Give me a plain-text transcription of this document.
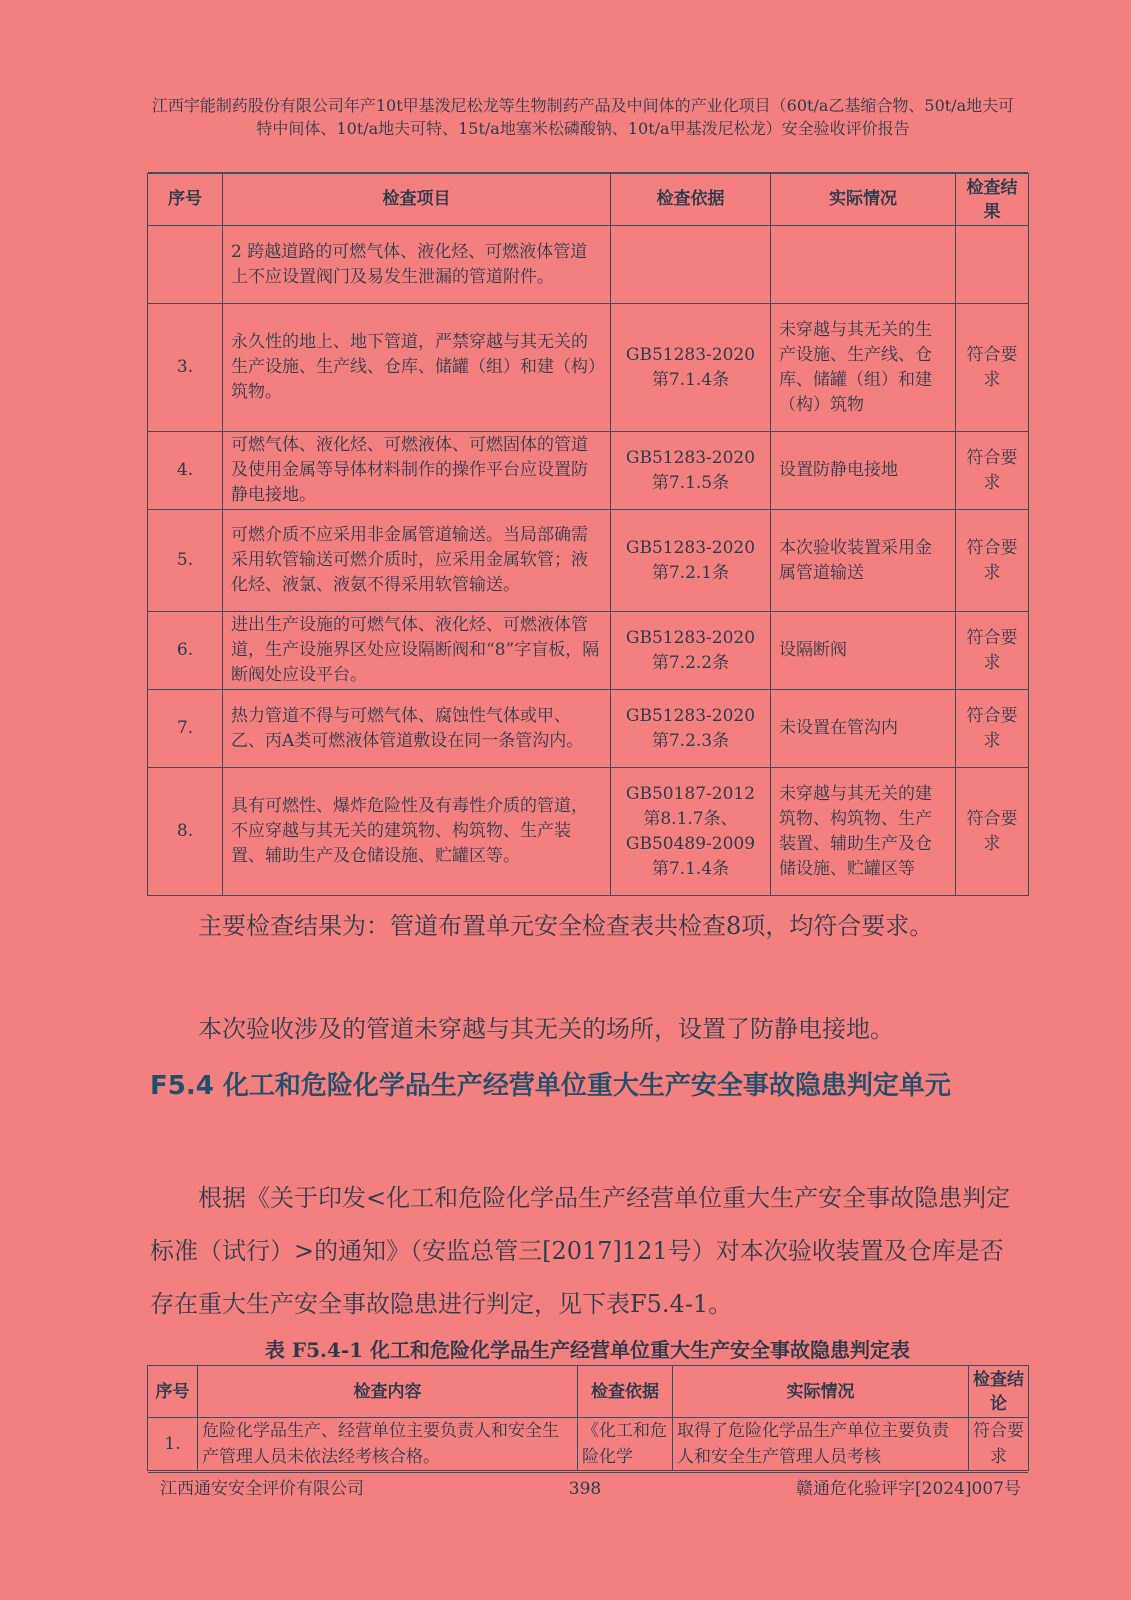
江西宇能制药股份有限公司年产10t甲基泼尼松龙等生物制药产品及中间体的产业化项目（60t/a乙基缩合物、50t/a地夫可特中间体、10t/a地夫可特、15t/a地塞米松磷酸钠、10t/a甲基泼尼松龙）安全验收评价报告
序号	检查项目	检查依据	实际情况	检查结果
	2 跨越道路的可燃气体、液化烃、可燃液体管道上不应设置阀门及易发生泄漏的管道附件。			
3.	永久性的地上、地下管道，严禁穿越与其无关的生产设施、生产线、仓库、储罐（组）和建（构）筑物。	GB51283-2020 第7.1.4条	未穿越与其无关的生产设施、生产线、仓库、储罐（组）和建（构）筑物	符合要求
4.	可燃气体、液化烃、可燃液体、可燃固体的管道及使用金属等导体材料制作的操作平台应设置防静电接地。	GB51283-2020 第7.1.5条	设置防静电接地	符合要求
5.	可燃介质不应采用非金属管道输送。当局部确需采用软管输送可燃介质时，应采用金属软管；液化烃、液氯、液氨不得采用软管输送。	GB51283-2020 第7.2.1条	本次验收装置采用金属管道输送	符合要求
6.	进出生产设施的可燃气体、液化烃、可燃液体管道，生产设施界区处应设隔断阀和“8”字盲板，隔断阀处应设平台。	GB51283-2020 第7.2.2条	设隔断阀	符合要求
7.	热力管道不得与可燃气体、腐蚀性气体或甲、乙、丙A类可燃液体管道敷设在同一条管沟内。	GB51283-2020 第7.2.3条	未设置在管沟内	符合要求
8.	具有可燃性、爆炸危险性及有毒性介质的管道，不应穿越与其无关的建筑物、构筑物、生产装置、辅助生产及仓储设施、贮罐区等。	GB50187-2012 第8.1.7条、GB50489-2009 第7.1.4条	未穿越与其无关的建筑物、构筑物、生产装置、辅助生产及仓储设施、贮罐区等	符合要求
主要检查结果为：管道布置单元安全检查表共检查8项，均符合要求。
本次验收涉及的管道未穿越与其无关的场所，设置了防静电接地。
F5.4 化工和危险化学品生产经营单位重大生产安全事故隐患判定单元
根据《关于印发<化工和危险化学品生产经营单位重大生产安全事故隐患判定标准（试行）>的通知》（安监总管三[2017]121号）对本次验收装置及仓库是否存在重大生产安全事故隐患进行判定，见下表F5.4-1。
表 F5.4-1 化工和危险化学品生产经营单位重大生产安全事故隐患判定表
序号	检查内容	检查依据	实际情况	检查结论
1.	危险化学品生产、经营单位主要负责人和安全生产管理人员未依法经考核合格。	《化工和危险化学	取得了危险化学品生产单位主要负责人和安全生产管理人员考核	符合要求
江西通安安全评价有限公司	398	赣通危化验评字[2024]007号
